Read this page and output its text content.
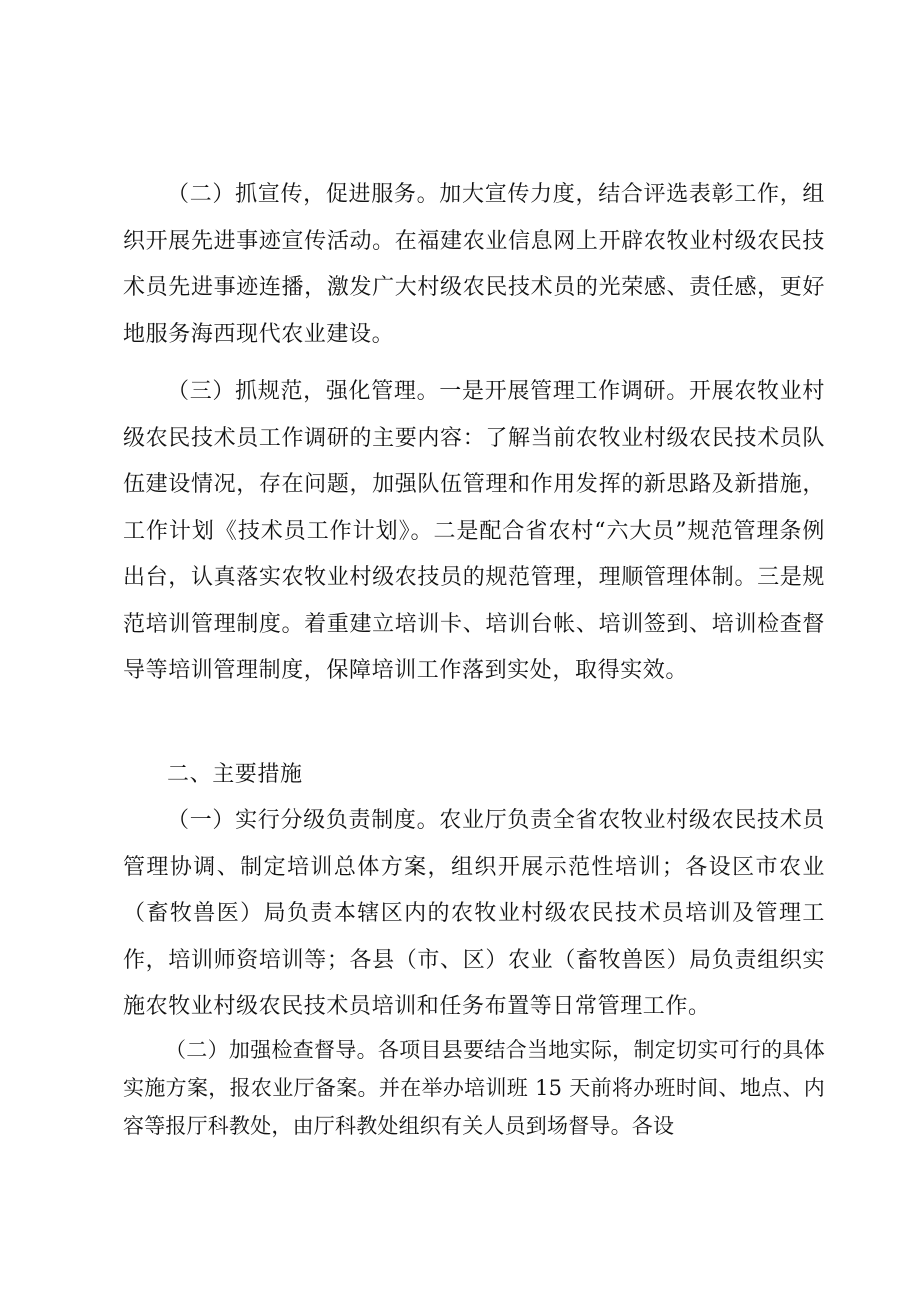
（二）抓宣传，促进服务。加大宣传力度，结合评选表彰工作，组织开展先进事迹宣传活动。在福建农业信息网上开辟农牧业村级农民技术员先进事迹连播，激发广大村级农民技术员的光荣感、责任感，更好地服务海西现代农业建设。

（三）抓规范，强化管理。一是开展管理工作调研。开展农牧业村级农民技术员工作调研的主要内容：了解当前农牧业村级农民技术员队伍建设情况，存在问题，加强队伍管理和作用发挥的新思路及新措施，工作计划《技术员工作计划》。二是配合省农村“六大员”规范管理条例出台，认真落实农牧业村级农技员的规范管理，理顺管理体制。三是规范培训管理制度。着重建立培训卡、培训台帐、培训签到、培训检查督导等培训管理制度，保障培训工作落到实处，取得实效。

二、主要措施

（一）实行分级负责制度。农业厅负责全省农牧业村级农民技术员管理协调、制定培训总体方案，组织开展示范性培训；各设区市农业（畜牧兽医）局负责本辖区内的农牧业村级农民技术员培训及管理工作，培训师资培训等；各县（市、区）农业（畜牧兽医）局负责组织实施农牧业村级农民技术员培训和任务布置等日常管理工作。

（二）加强检查督导。各项目县要结合当地实际，制定切实可行的具体实施方案，报农业厅备案。并在举办培训班 15 天前将办班时间、地点、内容等报厅科教处，由厅科教处组织有关人员到场督导。各设
